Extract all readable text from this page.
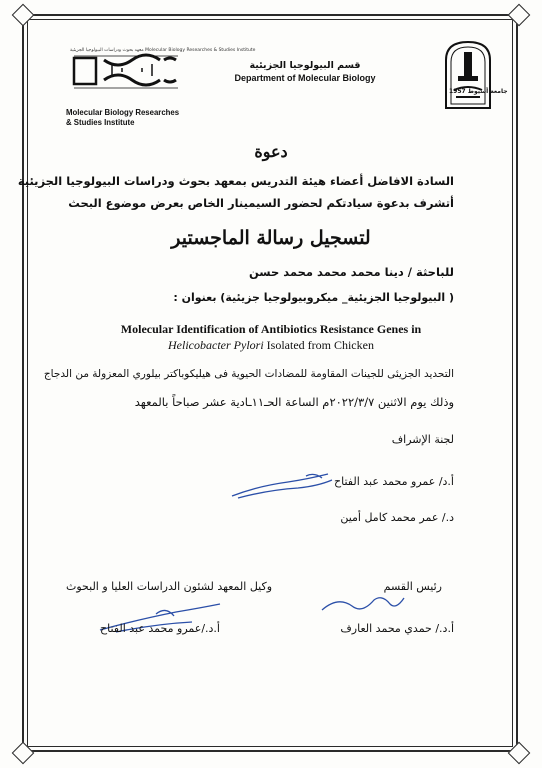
معهد بحوث ودراسات البيولوجيا الجزيئية Molecular Biology Researches & Studies Institute
Molecular Biology Researches
& Studies Institute
قسم البيولوجيا الجزيئية
Department of Molecular Biology
جامعة أسيوط 1957
دعوة
السادة الافاضل أعضاء هيئة التدريس بمعهد بحوث ودراسات البيولوجيا الجزيئية
أتشرف بدعوة سيادتكم لحضور السيمينار الخاص بعرض موضوع البحث
لتسجيل رسالة الماجستير
للباحثة / دينا محمد محمد محمد حسن
( البيولوجيا الجزيئية_ ميكروبيولوجيا جزيئية) بعنوان :
Molecular Identification of Antibiotics Resistance Genes in
Helicobacter Pylori Isolated from Chicken
التحديد الجزيئى للجينات المقاومة للمضادات الحيوية فى هيليكوباكتر بيلوري المعزولة من الدجاج
وذلك يوم الاثنين ٢٠٢٢/٣/٧م الساعة الحـ١١ـادية عشر صباحاً بالمعهد
لجنة الإشراف
أ.د/ عمرو محمد عبد الفتاح
د./ عمر محمد كامل أمين
رئيس القسم
أ.د./ حمدي محمد العارف
وكيل المعهد لشئون الدراسات العليا و البحوث
أ.د./عمرو محمد عبد الفتاح
